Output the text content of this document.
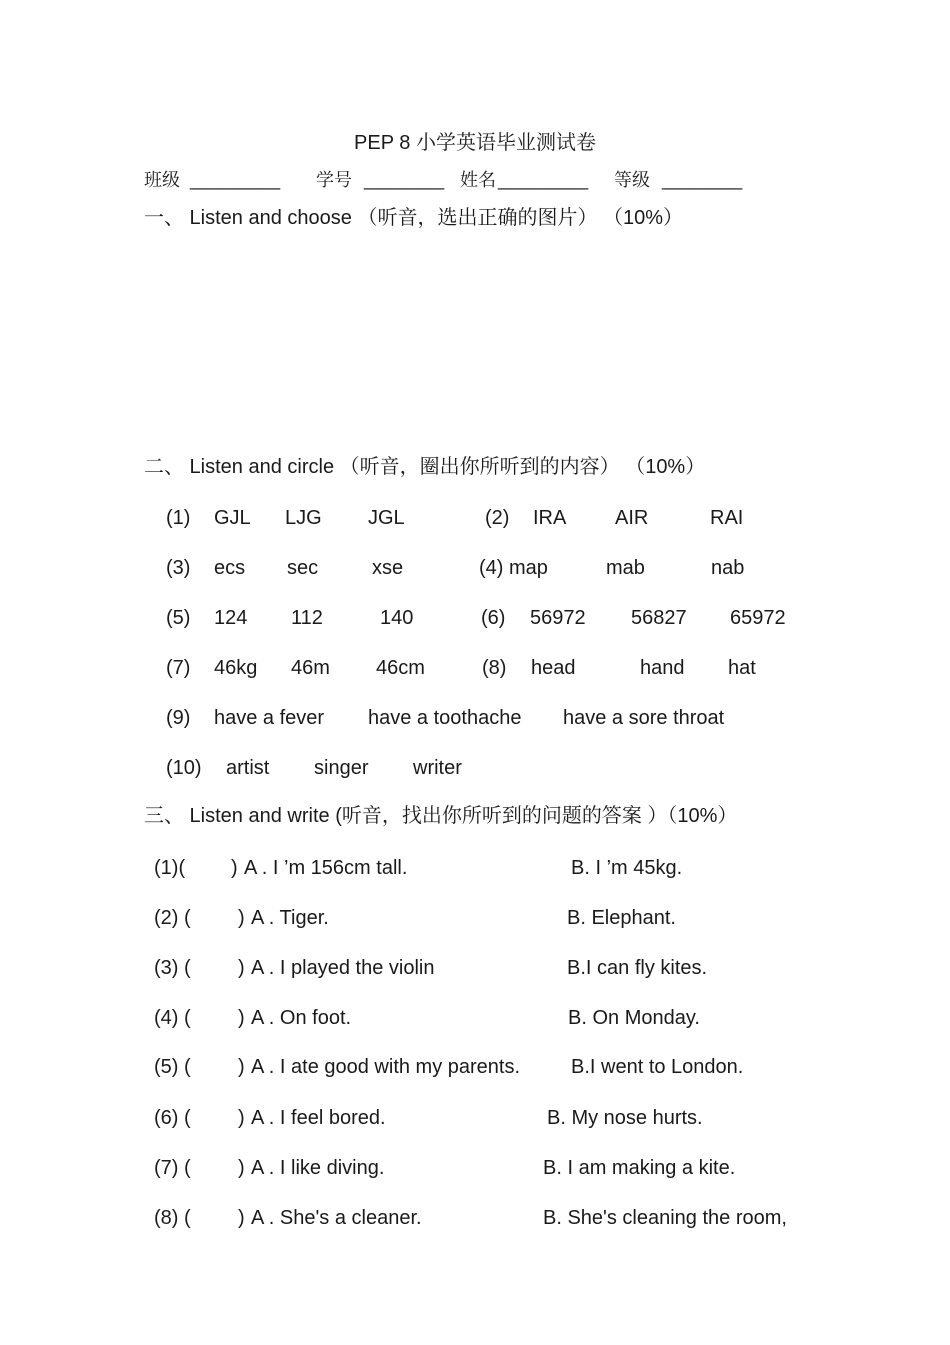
PEP 8 小学英语毕业测试卷
班级 _________ 学号 ________ 姓名 _________ 等级 ________
一、 Listen and choose （听音，选出正确的图片） （10%）
二、 Listen and circle （听音，圈出你所听到的内容） （10%）
(1) GJL LJG JGL	(2) IRA AIR	RAI
(3) ecs sec	xse	(4) map	mab	nab
(5) 124 112	140	(6) 56972 56827 65972
(7) 46kg 46m 46cm	(8) head	hand hat
(9) have a fever have a toothache have a sore throat
(10) artist singer writer
三、 Listen and write (听音，找出你所听到的问题的答案 ）（10%）
(1)( ) A . I ’m 156cm tall.	B. I ’m 45kg.
(2) ( ) A . Tiger.	B. Elephant.
(3) ( ) A . I played the violin	B.I can fly kites.
(4) ( ) A . On foot.	B. On Monday.
(5) ( ) A . I ate good with my parents.	B.I went to London.
(6) ( ) A . I feel bored.	B. My nose hurts.
(7) ( ) A . I like diving.	B. I am making a kite.
(8) ( ) A . She's a cleaner.	B. She's cleaning the room,
